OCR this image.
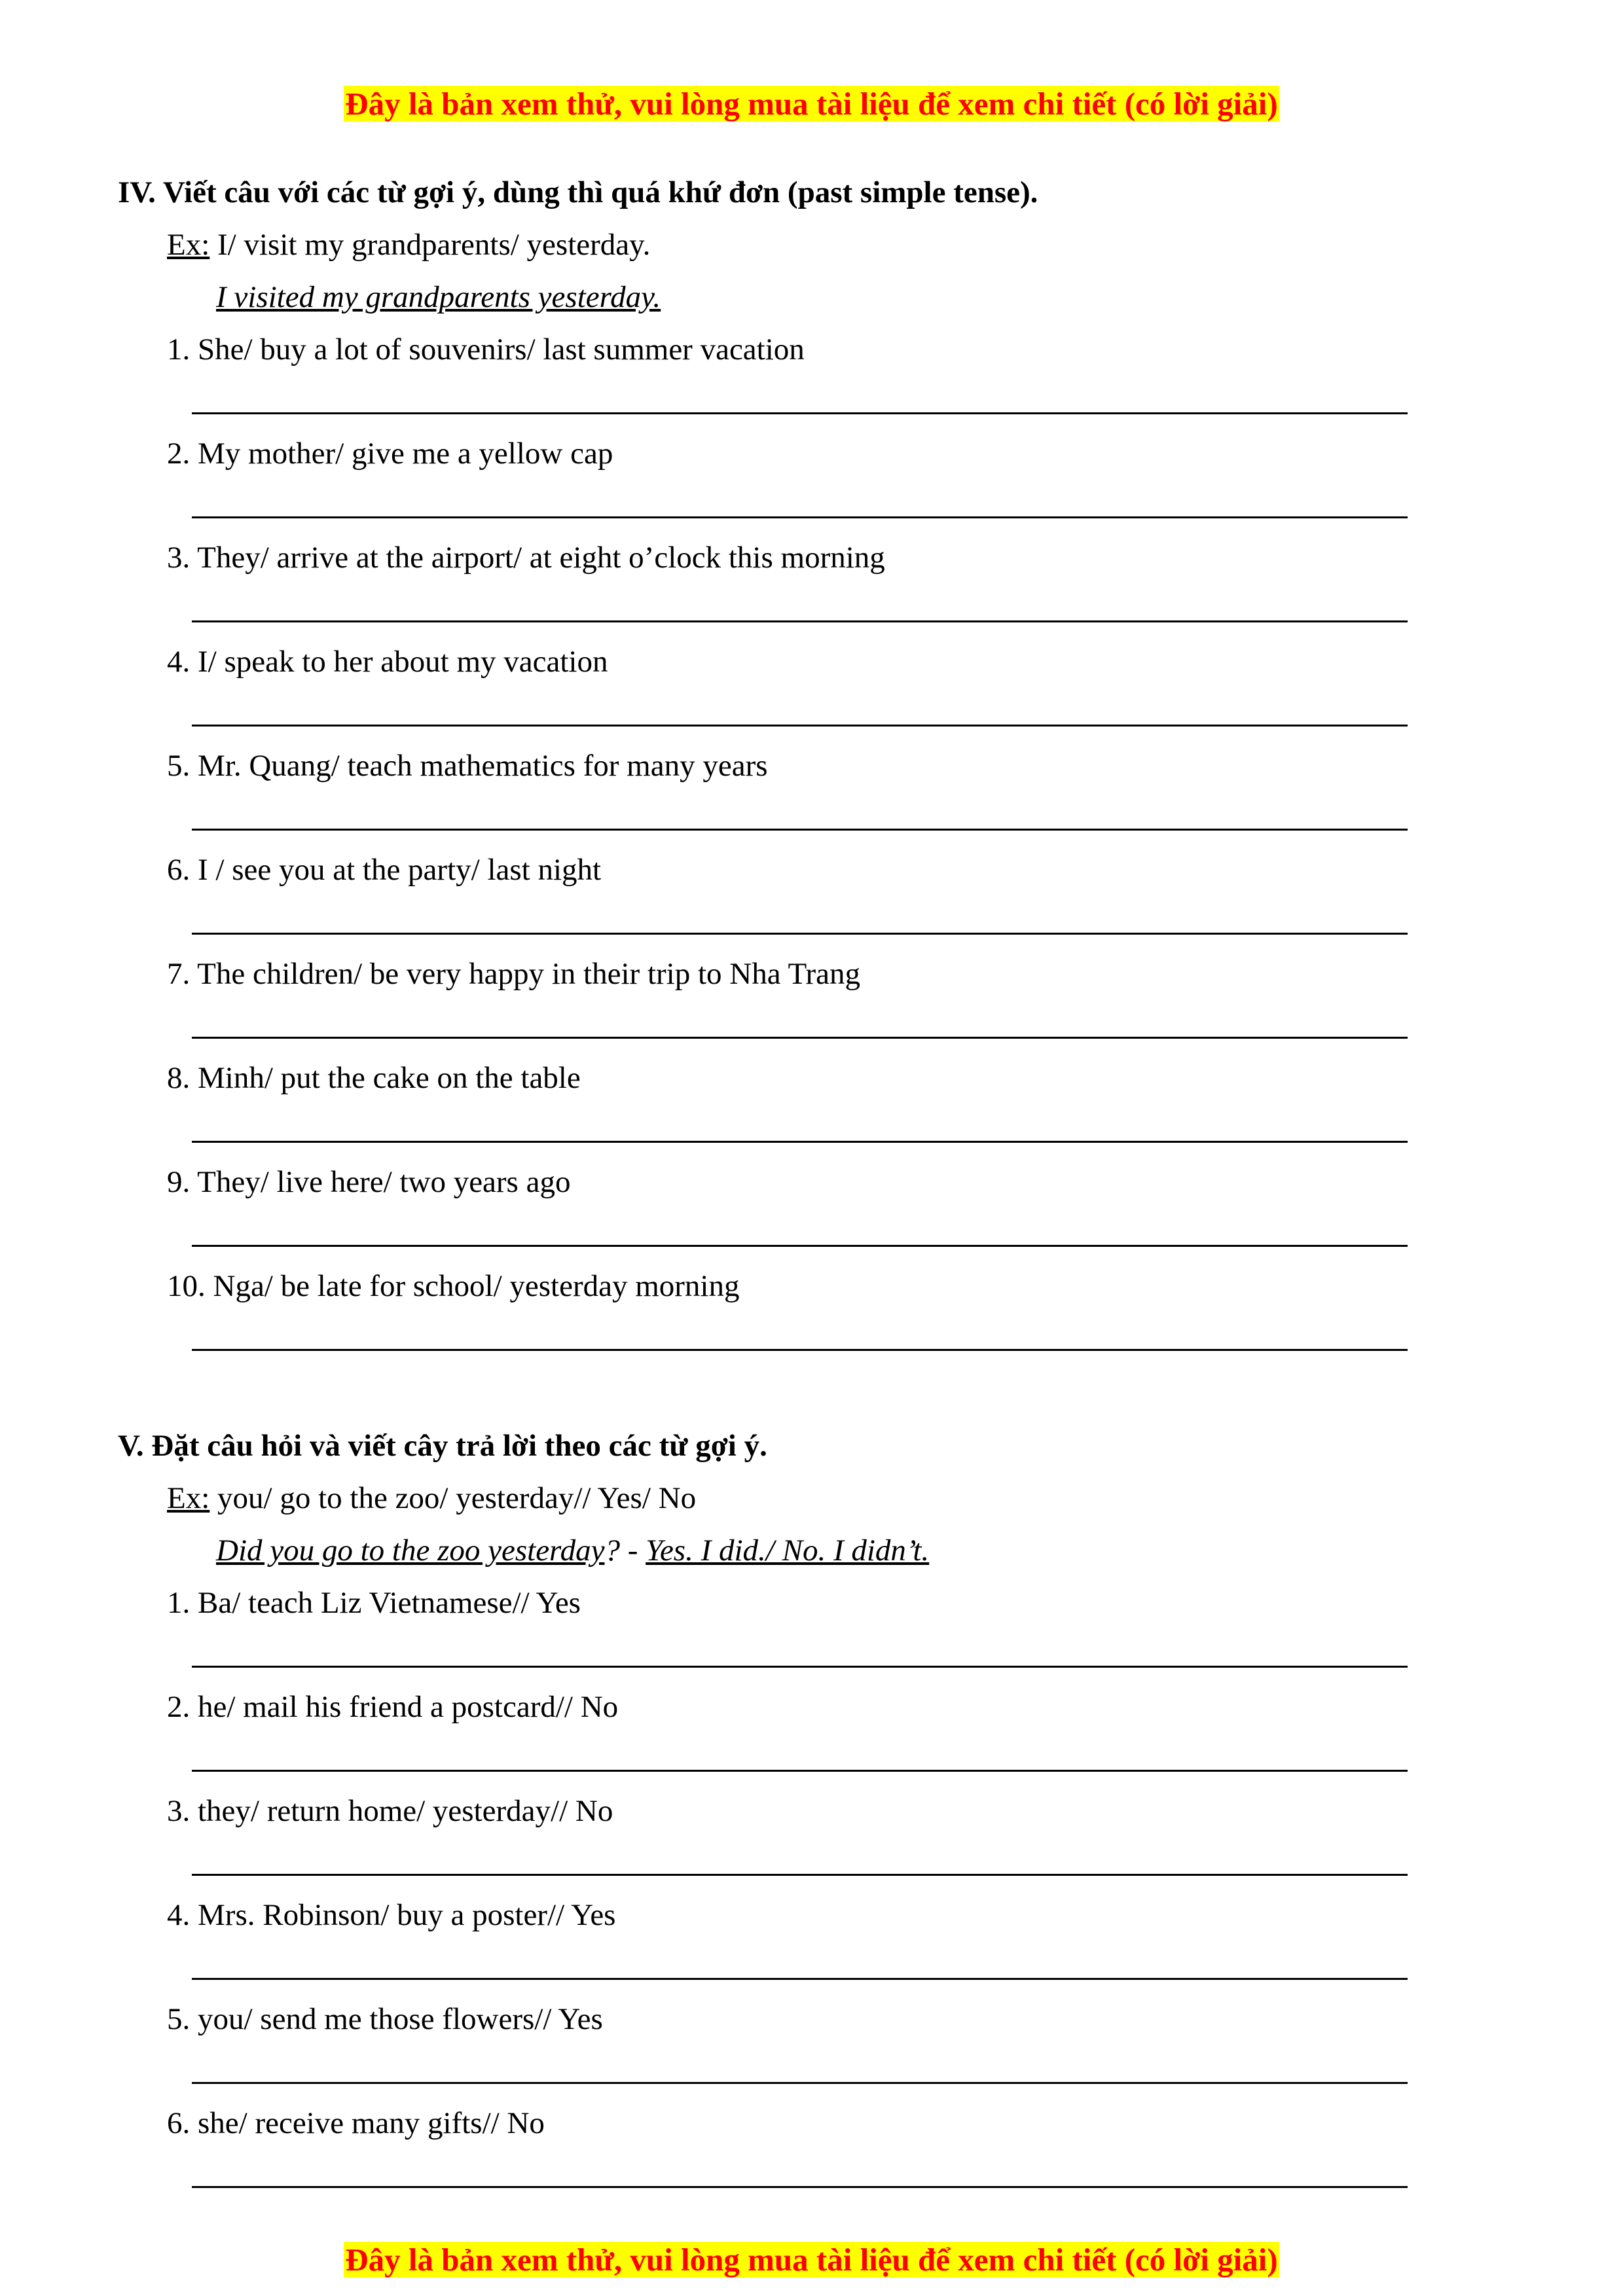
Đây là bản xem thử, vui lòng mua tài liệu để xem chi tiết (có lời giải)
IV. Viết câu với các từ gợi ý, dùng thì quá khứ đơn (past simple tense).
Ex: I/ visit my grandparents/ yesterday.
I visited my grandparents yesterday.
1. She/ buy a lot of souvenirs/ last summer vacation
2. My mother/ give me a yellow cap
3. They/ arrive at the airport/ at eight o’clock this morning
4. I/ speak to her about my vacation
5. Mr. Quang/ teach mathematics for many years
6. I / see you at the party/ last night
7. The children/ be very happy in their trip to Nha Trang
8. Minh/ put the cake on the table
9. They/ live here/ two years ago
10. Nga/ be late for school/ yesterday morning
V. Đặt câu hỏi và viết cây trả lời theo các từ gợi ý.
Ex: you/ go to the zoo/ yesterday// Yes/ No
Did you go to the zoo yesterday? - Yes. I did./ No. I didn’t.
1. Ba/ teach Liz Vietnamese// Yes
2. he/ mail his friend a postcard// No
3. they/ return home/ yesterday// No
4. Mrs. Robinson/ buy a poster// Yes
5. you/ send me those flowers// Yes
6. she/ receive many gifts// No
Đây là bản xem thử, vui lòng mua tài liệu để xem chi tiết (có lời giải)
